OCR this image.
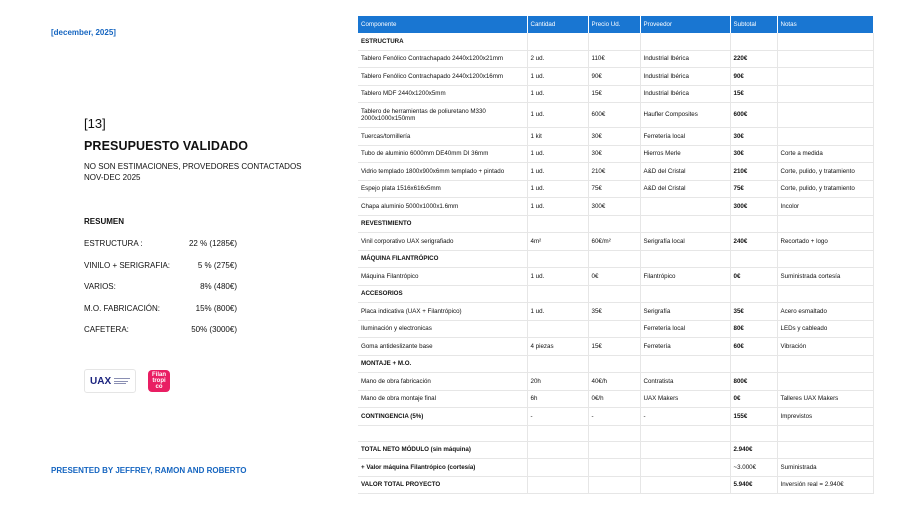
[december, 2025]
[13]
PRESUPUESTO VALIDADO
NO SON ESTIMACIONES, PROVEDORES CONTACTADOS
NOV-DEC 2025
RESUMEN
ESTRUCTURA :	22 % (1285€)
VINILO + SERIGRAFIA:	5 % (275€)
VARIOS:	8% (480€)
M.O. FABRICACIÓN:	15% (800€)
CAFETERA:	50% (3000€)
UAX
Filan
tropi
co
PRESENTED BY JEFFREY, RAMON AND ROBERTO
Componente	Cantidad	Precio Ud.	Proveedor	Subtotal	Notas
ESTRUCTURA					
Tablero Fenólico Contrachapado 2440x1200x21mm	2 ud.	110€	Industrial Ibérica	220€	
Tablero Fenólico Contrachapado 2440x1200x16mm	1 ud.	90€	Industrial Ibérica	90€	
Tablero MDF 2440x1200x5mm	1 ud.	15€	Industrial Ibérica	15€	
Tablero de herramientas de poliuretano M330 2000x1000x150mm	1 ud.	600€	Haufler Composites	600€	
Tuercas/tornillería	1 kit	30€	Ferretería local	30€	
Tubo de aluminio 6000mm DE40mm DI 36mm	1 ud.	30€	Hierros Merle	30€	Corte a medida
Vidrio templado 1800x900x6mm templado + pintado	1 ud.	210€	A&D del Cristal	210€	Corte, pulido, y tratamiento
Espejo plata 1516x616x5mm	1 ud.	75€	A&D del Cristal	75€	Corte, pulido, y tratamiento
Chapa aluminio 5000x1000x1.6mm	1 ud.	300€		300€	Incolor
REVESTIMIENTO					
Vinil corporativo UAX serigrafiado	4m²	60€/m²	Serigrafía local	240€	Recortado + logo
MÁQUINA FILANTRÓPICO					
Máquina Filantrópico	1 ud.	0€	Filantrópico	0€	Suministrada cortesía
ACCESORIOS					
Placa indicativa (UAX + Filantrópico)	1 ud.	35€	Serigrafía	35€	Acero esmaltado
Iluminación y electronicas			Ferretería local	80€	LEDs y cableado
Goma antideslizante base	4 piezas	15€	Ferretería	60€	Vibración
MONTAJE + M.O.					
Mano de obra fabricación	20h	40€/h	Contratista	800€	
Mano de obra montaje final	6h	0€/h	UAX Makers	0€	Talleres UAX Makers
CONTINGENCIA (5%)	-	-	-	155€	Imprevistos

TOTAL NETO MÓDULO (sin máquina)				2.940€	
+ Valor máquina Filantrópico (cortesía)				~3.000€	Suministrada
VALOR TOTAL PROYECTO				5.940€	Inversión real = 2.940€
